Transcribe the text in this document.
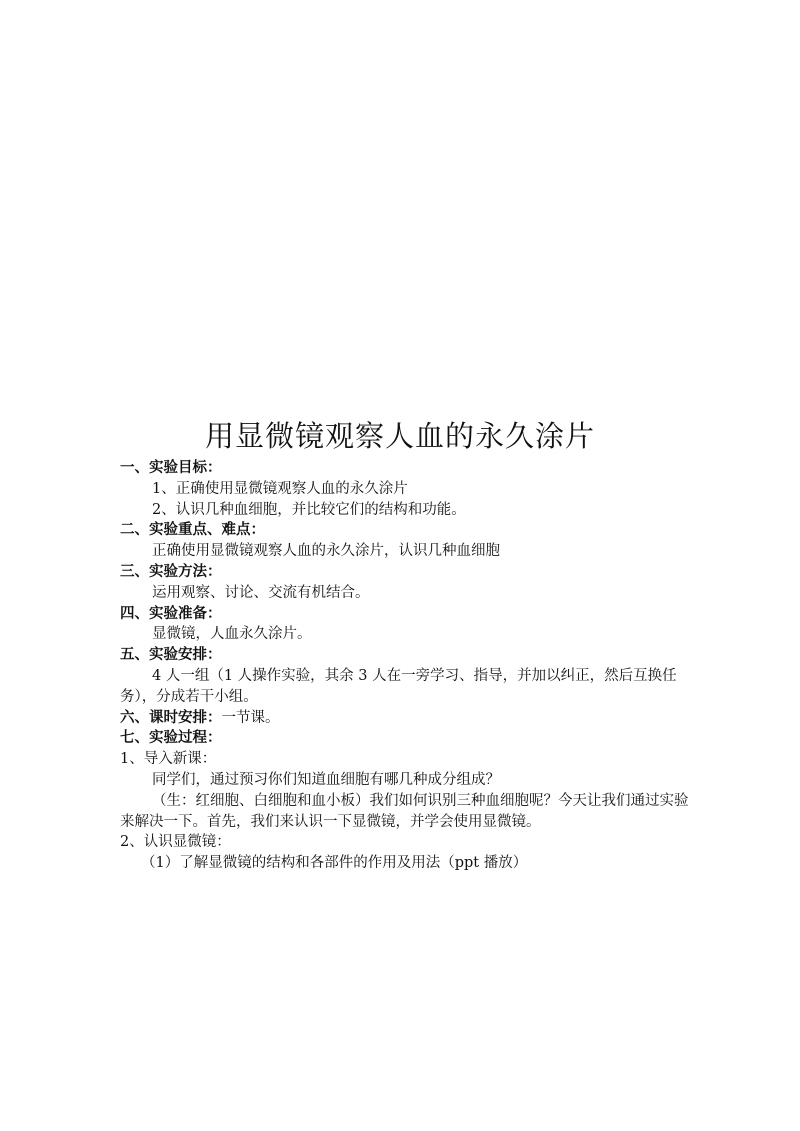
用显微镜观察人血的永久涂片
一、实验目标：
1、正确使用显微镜观察人血的永久涂片
2、认识几种血细胞，并比较它们的结构和功能。
二、实验重点、难点：
正确使用显微镜观察人血的永久涂片，认识几种血细胞
三、实验方法：
运用观察、讨论、交流有机结合。
四、实验准备：
显微镜，人血永久涂片。
五、实验安排：
4 人一组（1 人操作实验，其余 3 人在一旁学习、指导，并加以纠正，然后互换任务），分成若干小组。
六、课时安排：一节课。
七、实验过程：
1、导入新课：
同学们，通过预习你们知道血细胞有哪几种成分组成？
（生：红细胞、白细胞和血小板）我们如何识别三种血细胞呢？今天让我们通过实验来解决一下。首先，我们来认识一下显微镜，并学会使用显微镜。
2、认识显微镜：
（1）了解显微镜的结构和各部件的作用及用法（ppt 播放）
